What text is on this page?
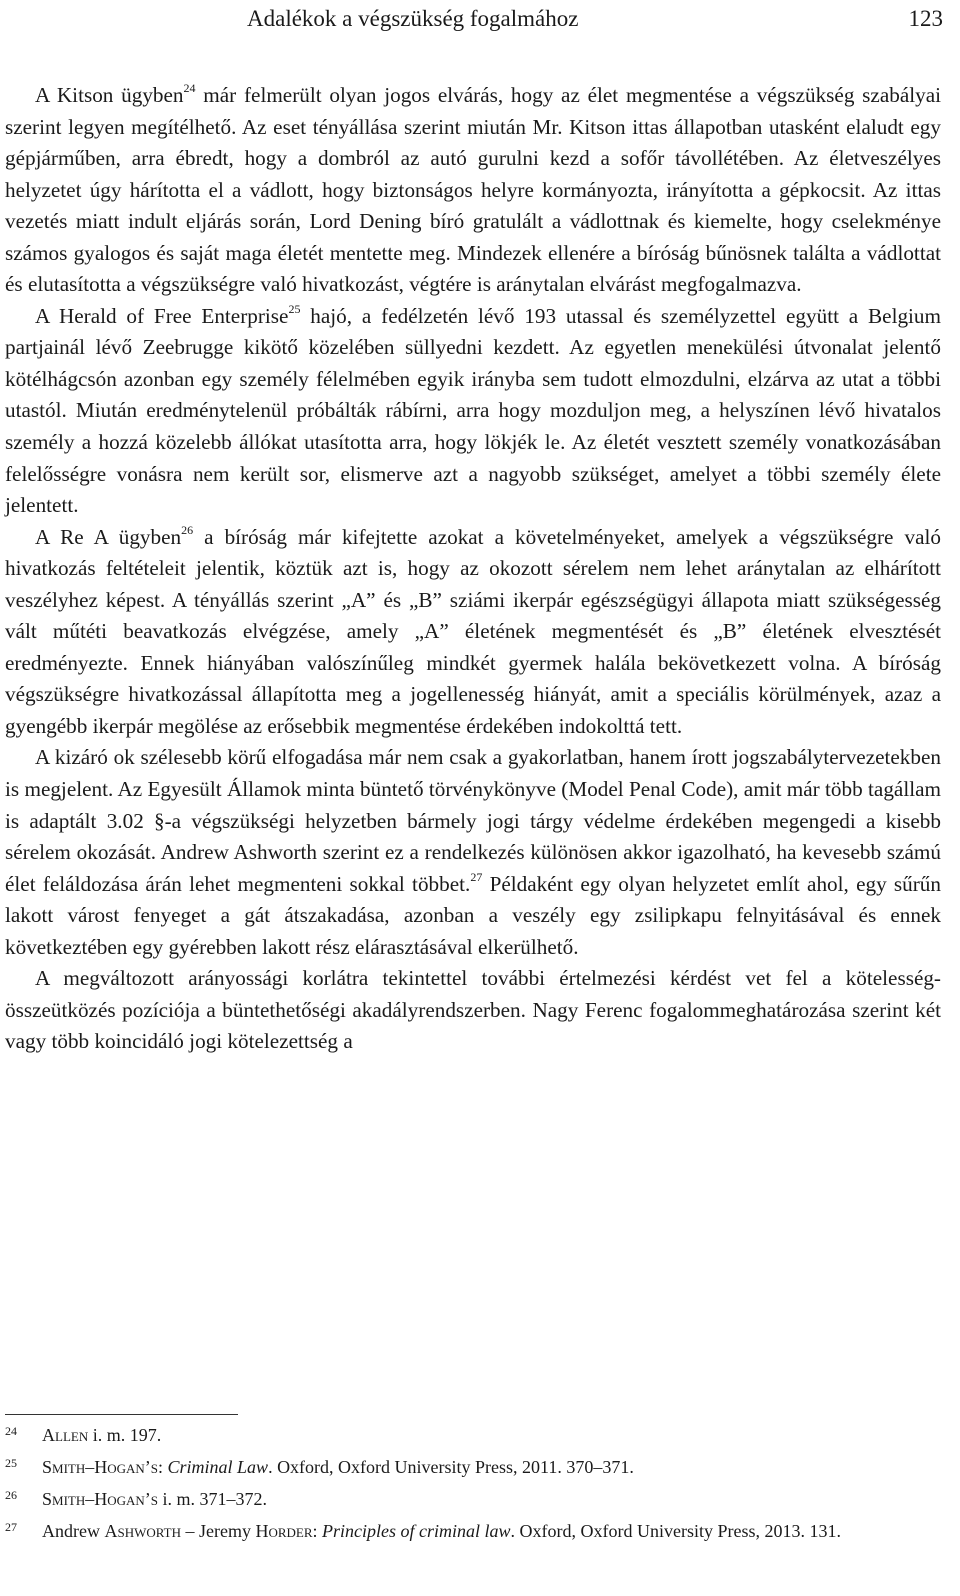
Adalékok a végszükség fogalmához	123

A Kitson ügyben$^{24}$ már felmerült olyan jogos elvárás, hogy az élet megmentése a végszükség szabályai szerint legyen megítélhető. Az eset tényállása szerint miután Mr. Kitson ittas állapotban utasként elaludt egy gépjárműben, arra ébredt, hogy a dombról az autó gurulni kezd a sofőr távollétében. Az életveszélyes helyzetet úgy hárította el a vádlott, hogy biztonságos helyre kormányozta, irányította a gépkocsit. Az ittas vezetés miatt indult eljárás során, Lord Dening bíró gratulált a vádlottnak és kiemelte, hogy cselekménye számos gyalogos és saját maga életét mentette meg. Mindezek ellenére a bíróság bűnösnek találta a vádlottat és elutasította a végszükségre való hivatkozást, végtére is aránytalan elvárást megfogalmazva.

A Herald of Free Enterprise$^{25}$ hajó, a fedélzetén lévő 193 utassal és személyzettel együtt a Belgium partjainál lévő Zeebrugge kikötő közelében süllyedni kezdett. Az egyetlen menekülési útvonalat jelentő kötélhágcsón azonban egy személy félelmében egyik irányba sem tudott elmozdulni, elzárva az utat a többi utastól. Miután eredménytelenül próbálták rábírni, arra hogy mozduljon meg, a helyszínen lévő hivatalos személy a hozzá közelebb állókat utasította arra, hogy lökjék le. Az életét vesztett személy vonatkozásában felelősségre vonásra nem került sor, elismerve azt a nagyobb szükséget, amelyet a többi személy élete jelentett.

A Re A ügyben$^{26}$ a bíróság már kifejtette azokat a követelményeket, amelyek a végszükségre való hivatkozás feltételeit jelentik, köztük azt is, hogy az okozott sérelem nem lehet aránytalan az elhárított veszélyhez képest. A tényállás szerint „A” és „B” sziámi ikerpár egészségügyi állapota miatt szükségesség vált műtéti beavatkozás elvégzése, amely „A” életének megmentését és „B” életének elvesztését eredményezte. Ennek hiányában valószínűleg mindkét gyermek halála bekövetkezett volna. A bíróság végszükségre hivatkozással állapította meg a jogellenesség hiányát, amit a speciális körülmények, azaz a gyengébb ikerpár megölése az erősebbik megmentése érdekében indokolttá tett.

A kizáró ok szélesebb körű elfogadása már nem csak a gyakorlatban, hanem írott jogszabálytervezetekben is megjelent. Az Egyesült Államok minta büntető törvénykönyve (Model Penal Code), amit már több tagállam is adaptált 3.02 §-a végszükségi helyzetben bármely jogi tárgy védelme érdekében megengedi a kisebb sérelem okozását. Andrew Ashworth szerint ez a rendelkezés különösen akkor igazolható, ha kevesebb számú élet feláldozása árán lehet megmenteni sokkal többet.$^{27}$ Példaként egy olyan helyzetet említ ahol, egy sűrűn lakott várost fenyeget a gát átszakadása, azonban a veszély egy zsilipkapu felnyitásával és ennek következtében egy gyérebben lakott rész elárasztásával elkerülhető.

A megváltozott arányossági korlátra tekintettel további értelmezési kérdést vet fel a kötelesség-összeütközés pozíciója a büntethetőségi akadályrendszerben. Nagy Ferenc fogalommeghatározása szerint két vagy több koincidáló jogi kötelezettség a

24 Allen i. m. 197.
25 Smith–Hogan’s: Criminal Law. Oxford, Oxford University Press, 2011. 370–371.
26 Smith–Hogan’s i. m. 371–372.
27 Andrew Ashworth – Jeremy Horder: Principles of criminal law. Oxford, Oxford University Press, 2013. 131.
